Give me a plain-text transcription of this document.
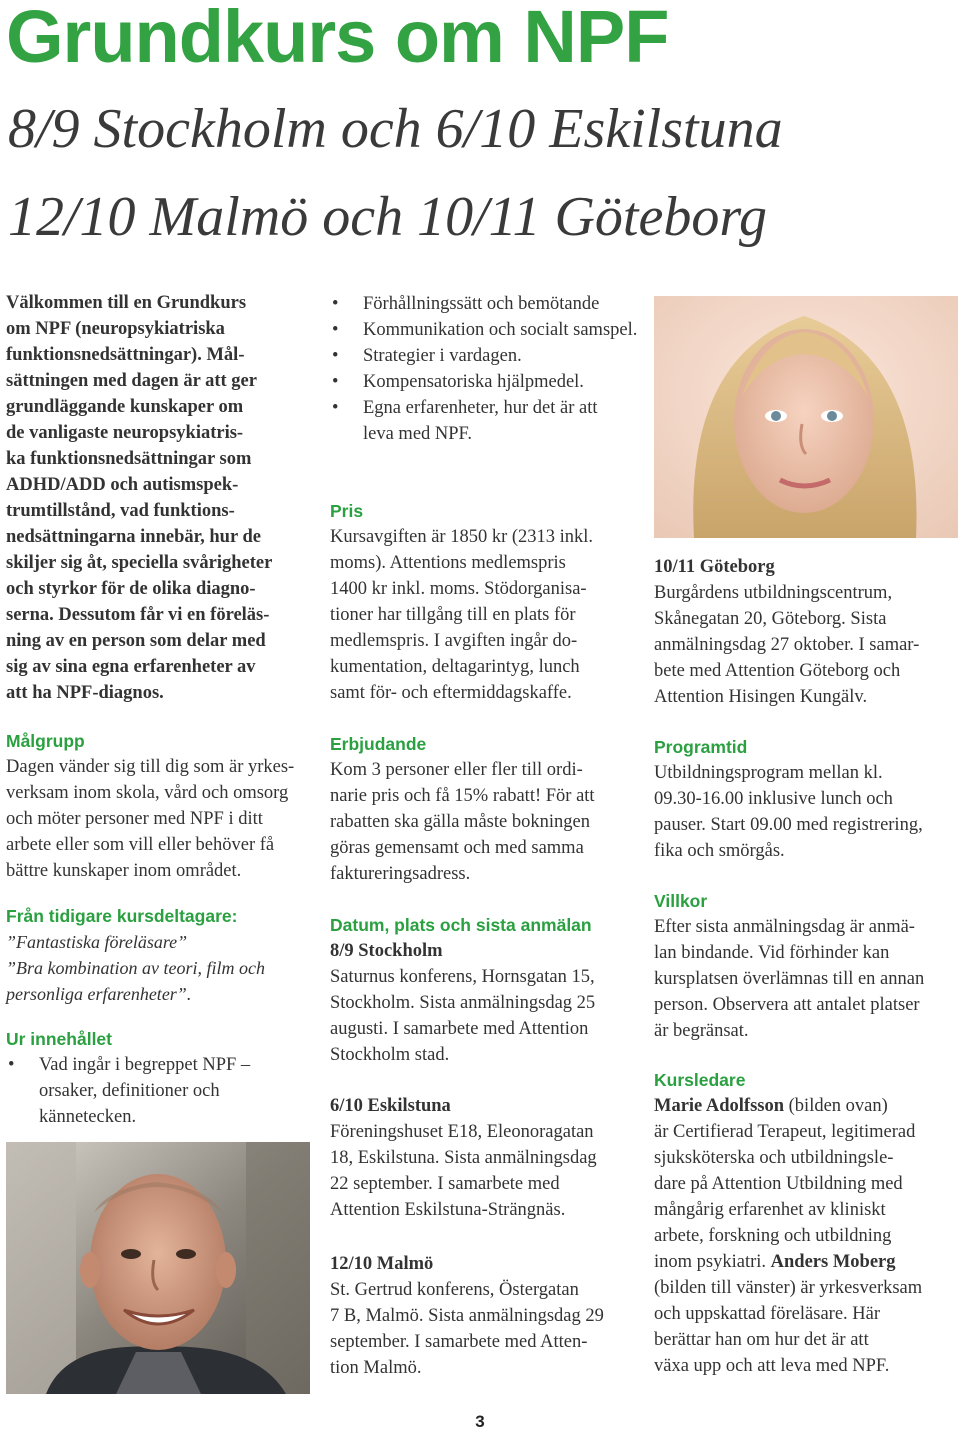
Grundkurs om NPF
8/9 Stockholm och 6/10 Eskilstuna
12/10 Malmö och 10/11 Göteborg

Välkommen till en Grundkurs

om NPF (neuropsykiatriska

funktionsnedsättningar). Mål-

sättningen med dagen är att ger

grundläggande kunskaper om

de vanligaste neuropsykiatris-

ka funktionsnedsättningar som

ADHD/ADD och autismspek-

trumtillstånd, vad funktions-

nedsättningarna innebär, hur de

skiljer sig åt, speciella svårigheter

och styrkor för de olika diagno-

serna. Dessutom får vi en föreläs-

ning av en person som delar med

sig av sina egna erfarenheter av

att ha NPF-diagnos.

Målgrupp

Dagen vänder sig till dig som är yrkes-

verksam inom skola, vård och omsorg

och möter personer med NPF i ditt

arbete eller som vill eller behöver få

bättre kunskaper inom området.

Från tidigare kursdeltagare:

”Fantastiska föreläsare”

”Bra kombination av teori, film och

personliga erfarenheter”.

Ur innehållet

• Vad ingår i begreppet NPF – orsaker, definitioner och kännetecken.
• Förhållningssätt och bemötande
• Kommunikation och socialt samspel.
• Strategier i vardagen.
• Kompensatoriska hjälpmedel.
• Egna erfarenheter, hur det är att leva med NPF.

Pris

Kursavgiften är 1850 kr (2313 inkl.

moms). Attentions medlemspris

1400 kr inkl. moms. Stödorganisa-

tioner har tillgång till en plats för

medlemspris. I avgiften ingår do-

kumentation, deltagarintyg, lunch

samt för- och eftermiddagskaffe.

Erbjudande

Kom 3 personer eller fler till ordi-

narie pris och få 15% rabatt! För att

rabatten ska gälla måste bokningen

göras gemensamt och med samma

faktureringsadress.

Datum, plats och sista anmälan

8/9 Stockholm

Saturnus konferens, Hornsgatan 15,

Stockholm. Sista anmälningsdag 25

augusti. I samarbete med Attention

Stockholm stad.

6/10 Eskilstuna

Föreningshuset E18, Eleonoragatan

18, Eskilstuna. Sista anmälningsdag

22 september. I samarbete med

Attention Eskilstuna-Strängnäs.

12/10 Malmö

St. Gertrud konferens, Östergatan

7 B, Malmö. Sista anmälningsdag 29

september. I samarbete med Atten-

tion Malmö.

10/11 Göteborg

Burgårdens utbildningscentrum,

Skånegatan 20, Göteborg. Sista

anmälningsdag 27 oktober. I samar-

bete med Attention Göteborg och

Attention Hisingen Kungälv.

Programtid

Utbildningsprogram mellan kl.

09.30-16.00 inklusive lunch och

pauser. Start 09.00 med registrering,

fika och smörgås.

Villkor

Efter sista anmälningsdag är anmä-

lan bindande. Vid förhinder kan

kursplatsen överlämnas till en annan

person. Observera att antalet platser

är begränsat.

Kursledare

Marie Adolfsson (bilden ovan)

är Certifierad Terapeut, legitimerad

sjuksköterska och utbildningsle-

dare på Attention Utbildning med

mångårig erfarenhet av kliniskt

arbete, forskning och utbildning

inom psykiatri. Anders Moberg

(bilden till vänster) är yrkesverksam

och uppskattad föreläsare. Här

berättar han om hur det är att

växa upp och att leva med NPF.

3
